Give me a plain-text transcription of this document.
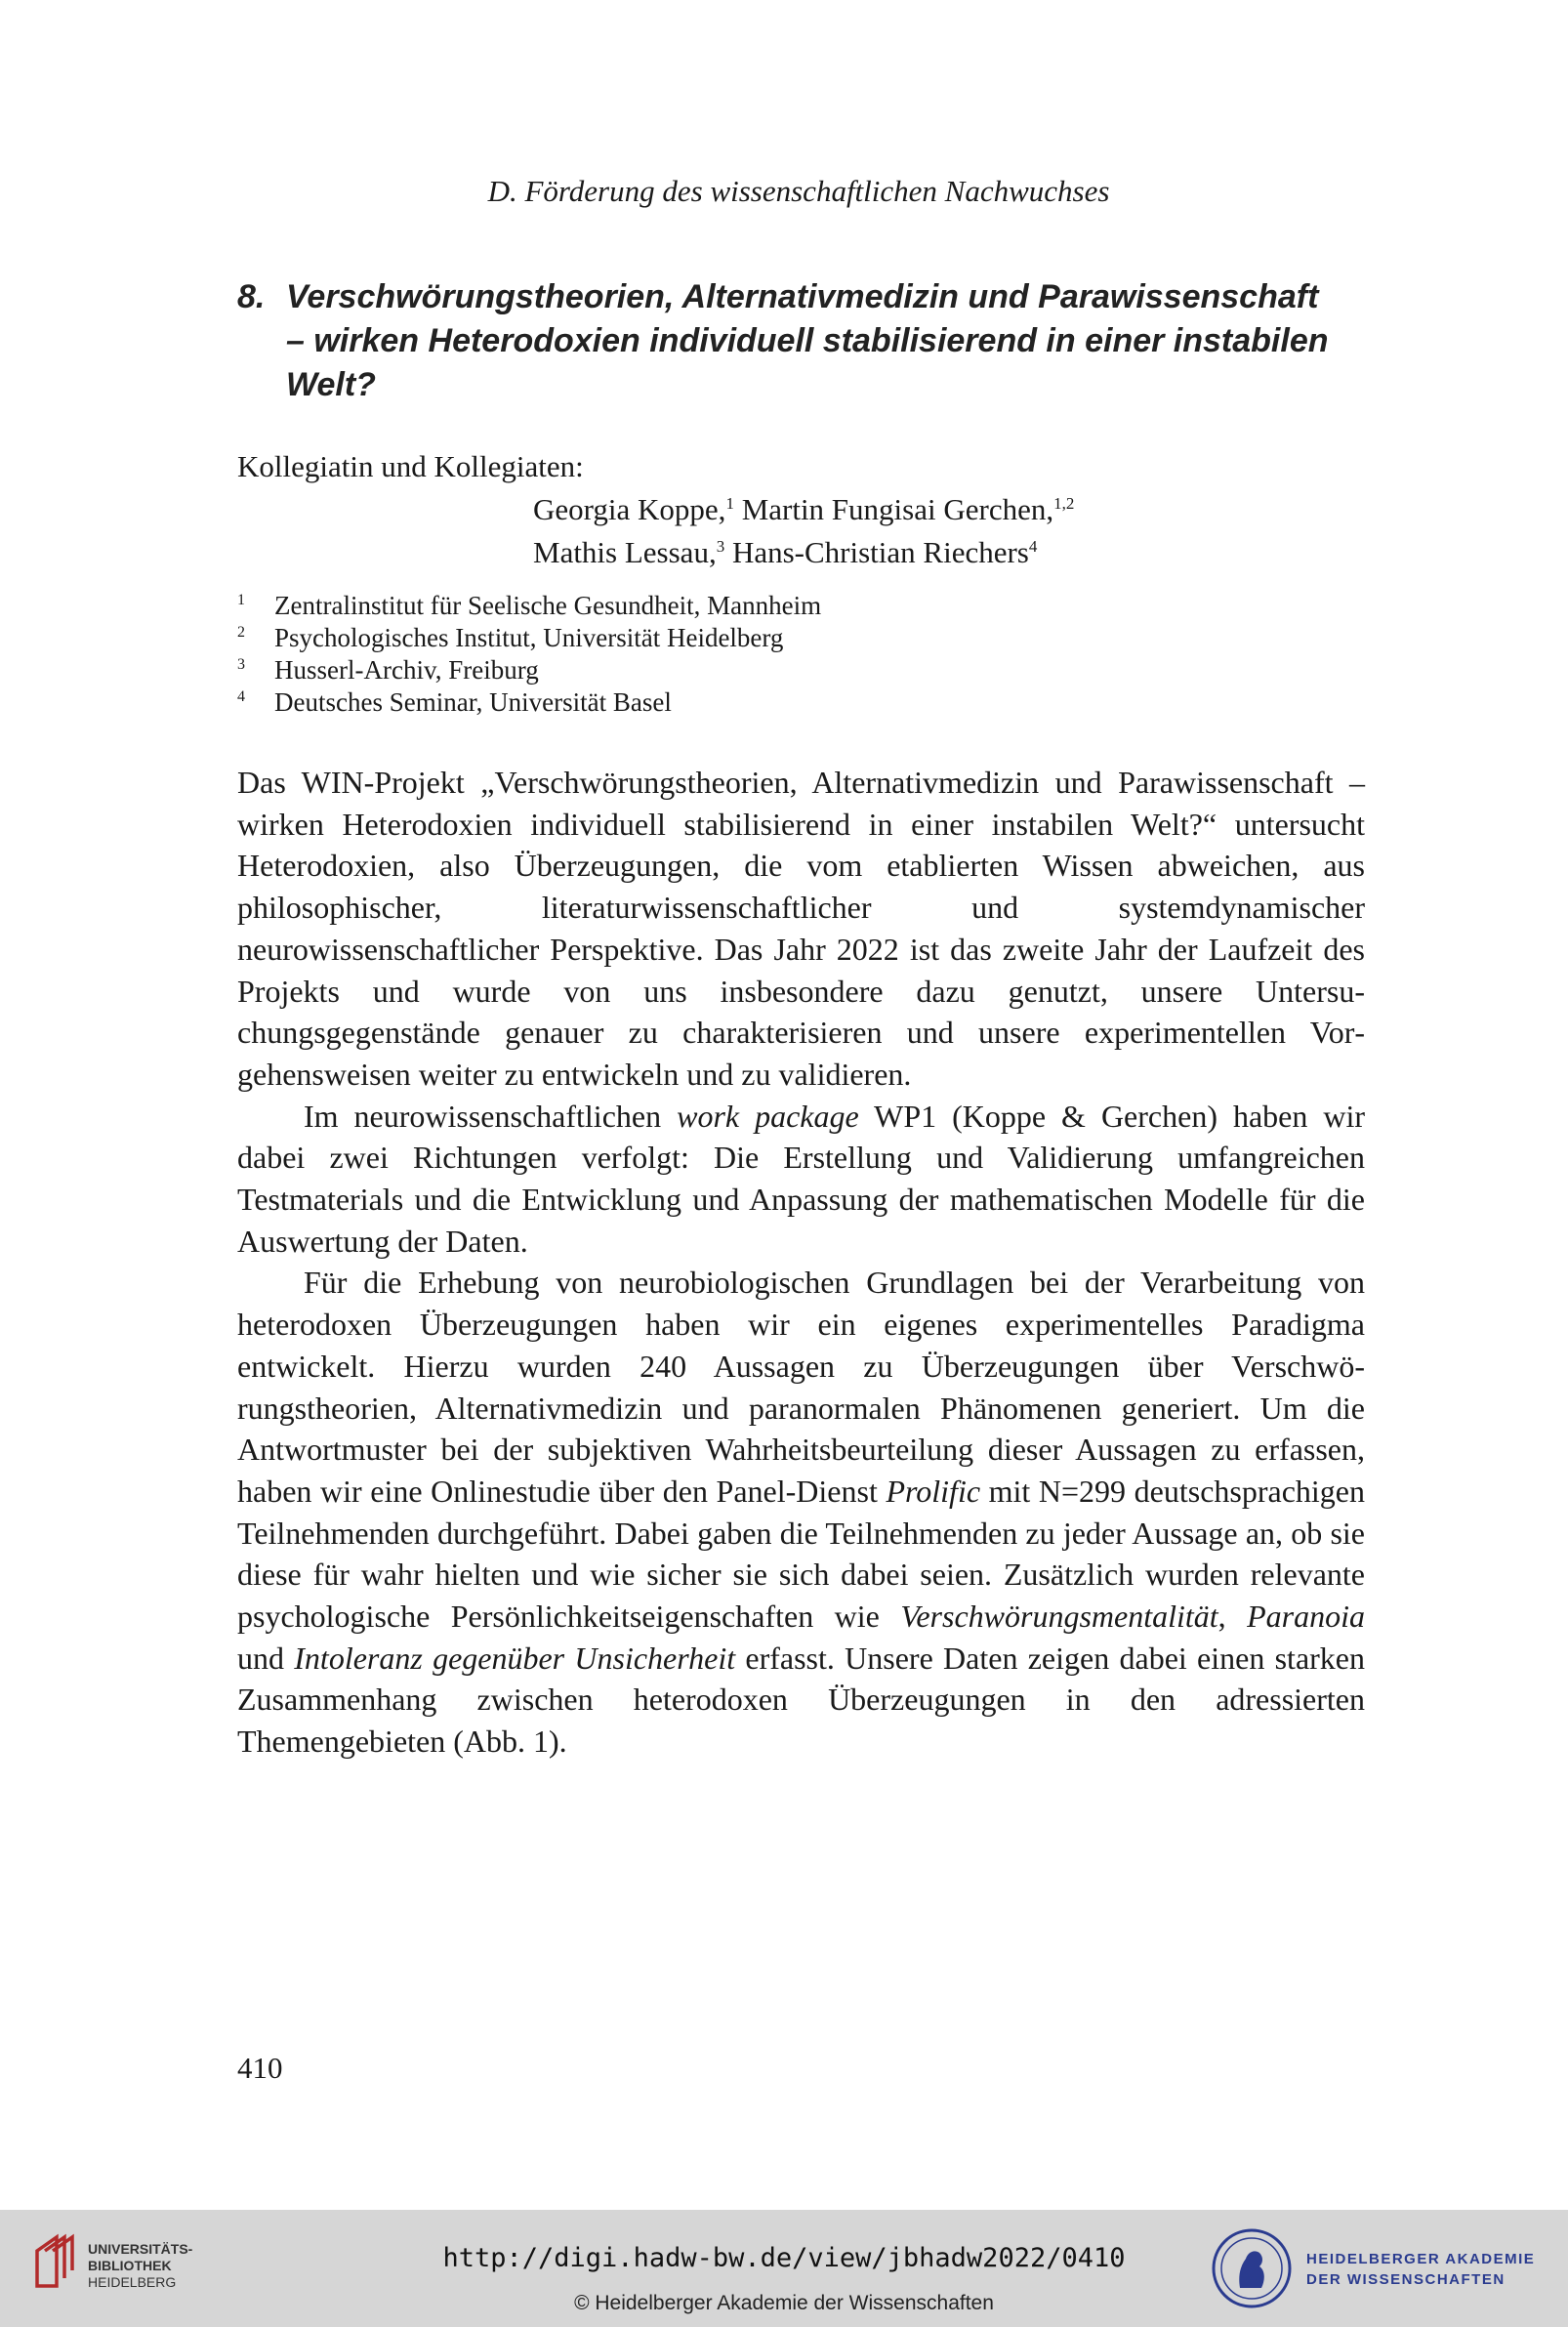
D. Förderung des wissenschaftlichen Nachwuchses
8. Verschwörungstheorien, Alternativmedizin und Parawissenschaft – wirken Heterodoxien individuell stabilisierend in einer instabilen Welt?
Kollegiatin und Kollegiaten:
Georgia Koppe,$^1$ Martin Fungisai Gerchen,$^{1,2}$
Mathis Lessau,$^3$ Hans-Christian Riechers$^4$
1 Zentralinstitut für Seelische Gesundheit, Mannheim
2 Psychologisches Institut, Universität Heidelberg
3 Husserl-Archiv, Freiburg
4 Deutsches Seminar, Universität Basel

Das WIN-Projekt „Verschwörungstheorien, Alternativmedizin und Parawissenschaft – wirken Heterodoxien individuell stabilisierend in einer instabilen Welt?“ untersucht Heterodoxien, also Überzeugungen, die vom etablierten Wissen abweichen, aus philosophischer, literaturwissenschaftlicher und systemdynamischer neurowissenschaftlicher Perspektive. Das Jahr 2022 ist das zweite Jahr der Laufzeit des Projekts und wurde von uns insbesondere dazu genutzt, unsere Untersuchungsgegenstände genauer zu charakterisieren und unsere experimentellen Vorgehensweisen weiter zu entwickeln und zu validieren.

Im neurowissenschaftlichen work package WP1 (Koppe & Gerchen) haben wir dabei zwei Richtungen verfolgt: Die Erstellung und Validierung umfangreichen Testmaterials und die Entwicklung und Anpassung der mathematischen Modelle für die Auswertung der Daten.

Für die Erhebung von neurobiologischen Grundlagen bei der Verarbeitung von heterodoxen Überzeugungen haben wir ein eigenes experimentelles Paradigma entwickelt. Hierzu wurden 240 Aussagen zu Überzeugungen über Verschwörungstheorien, Alternativmedizin und paranormalen Phänomenen generiert. Um die Antwortmuster bei der subjektiven Wahrheitsbeurteilung dieser Aussagen zu erfassen, haben wir eine Onlinestudie über den Panel-Dienst Prolific mit N=299 deutschsprachigen Teilnehmenden durchgeführt. Dabei gaben die Teilnehmenden zu jeder Aussage an, ob sie diese für wahr hielten und wie sicher sie sich dabei seien. Zusätzlich wurden relevante psychologische Persönlichkeitseigenschaften wie Verschwörungsmentalität, Paranoia und Intoleranz gegenüber Unsicherheit erfasst. Unsere Daten zeigen dabei einen starken Zusammenhang zwischen heterodoxen Überzeugungen in den adressierten Themengebieten (Abb. 1).

410
UNIVERSITÄTS-
BIBLIOTHEK
HEIDELBERG
http://digi.hadw-bw.de/view/jbhadw2022/0410
© Heidelberger Akademie der Wissenschaften
HEIDELBERGER AKADEMIE
DER WISSENSCHAFTEN
